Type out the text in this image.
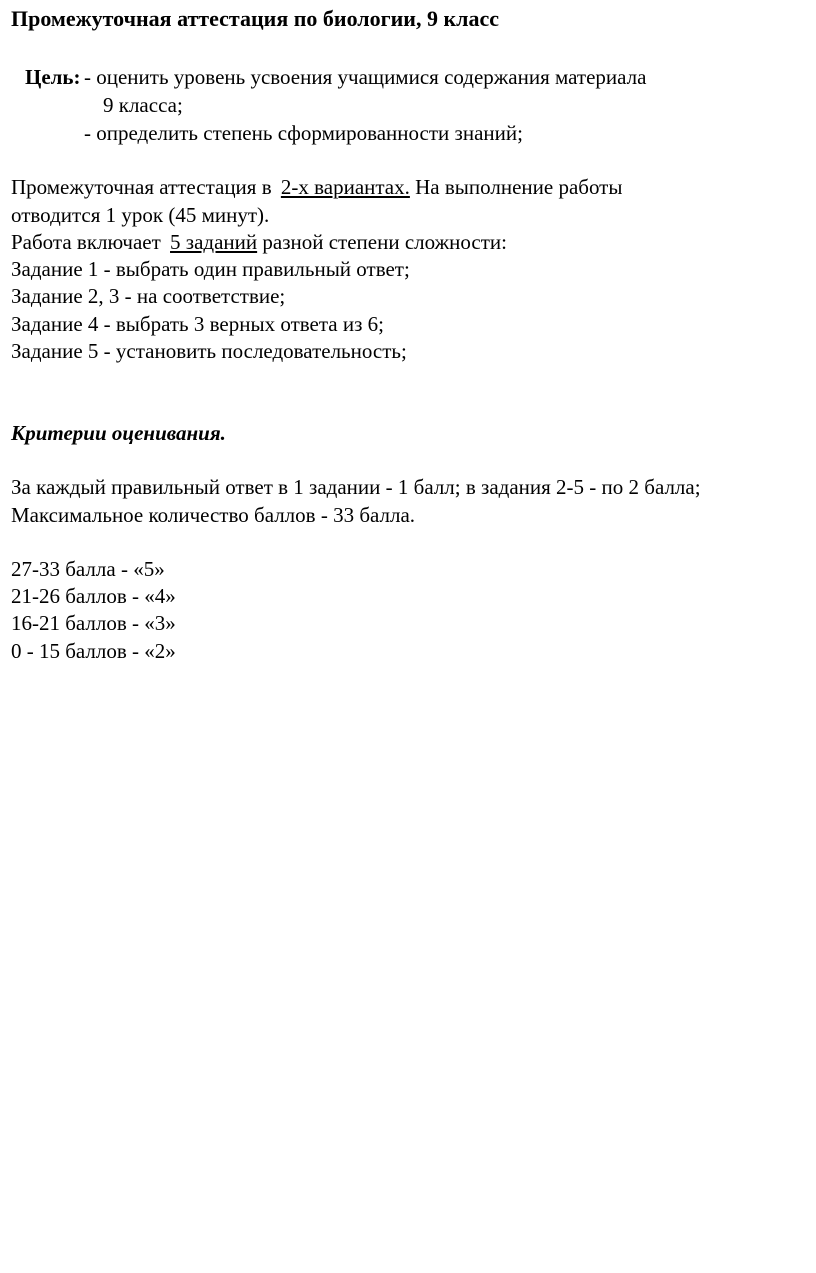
Промежуточная аттестация по биологии, 9 класс
Цель: - оценить уровень усвоения учащимися содержания материала
9 класса;
- определить степень сформированности знаний;
Промежуточная аттестация в 2-х вариантах. На выполнение работы
отводится 1 урок (45 минут).
Работа включает 5 заданий разной степени сложности:
Задание 1 - выбрать один правильный ответ;
Задание 2, 3 - на соответствие;
Задание 4 - выбрать 3 верных ответа из 6;
Задание 5 - установить последовательность;
Критерии оценивания.
За каждый правильный ответ в 1 задании - 1 балл; в задания 2-5 - по 2 балла;
Максимальное количество баллов - 33 балла.
27-33 балла - «5»
21-26 баллов - «4»
16-21 баллов - «3»
0 - 15 баллов - «2»
